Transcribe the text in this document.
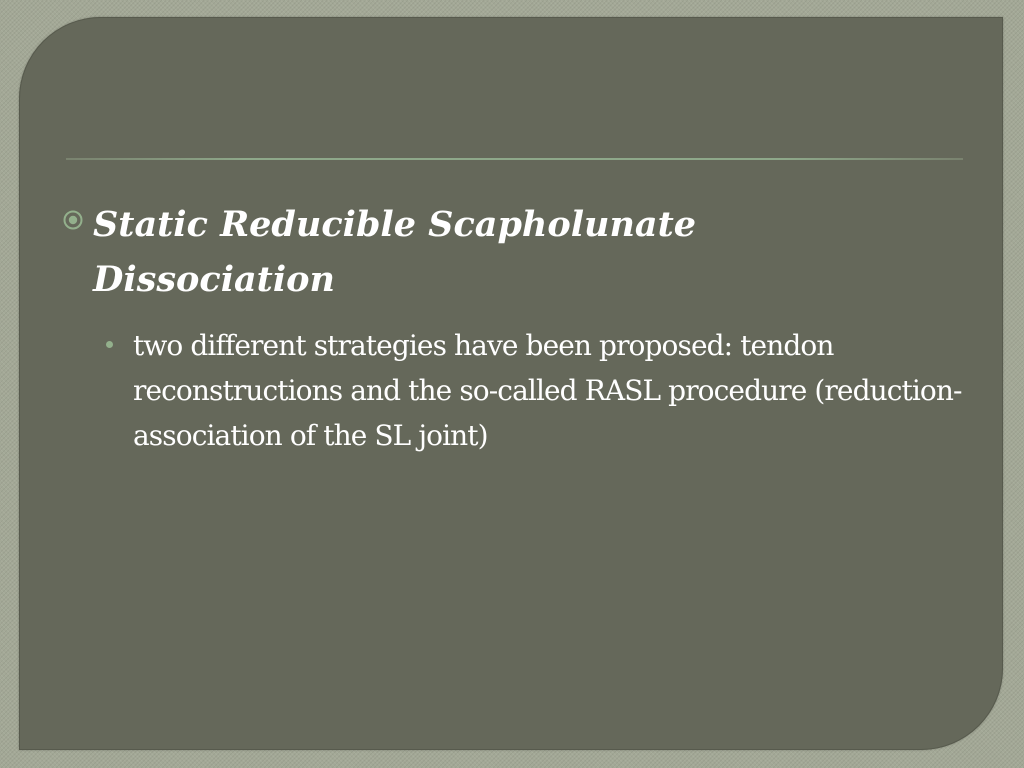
Static Reducible Scapholunate Dissociation
two different strategies have been proposed: tendon reconstructions and the so-called RASL procedure (reduction-association of the SL joint)
